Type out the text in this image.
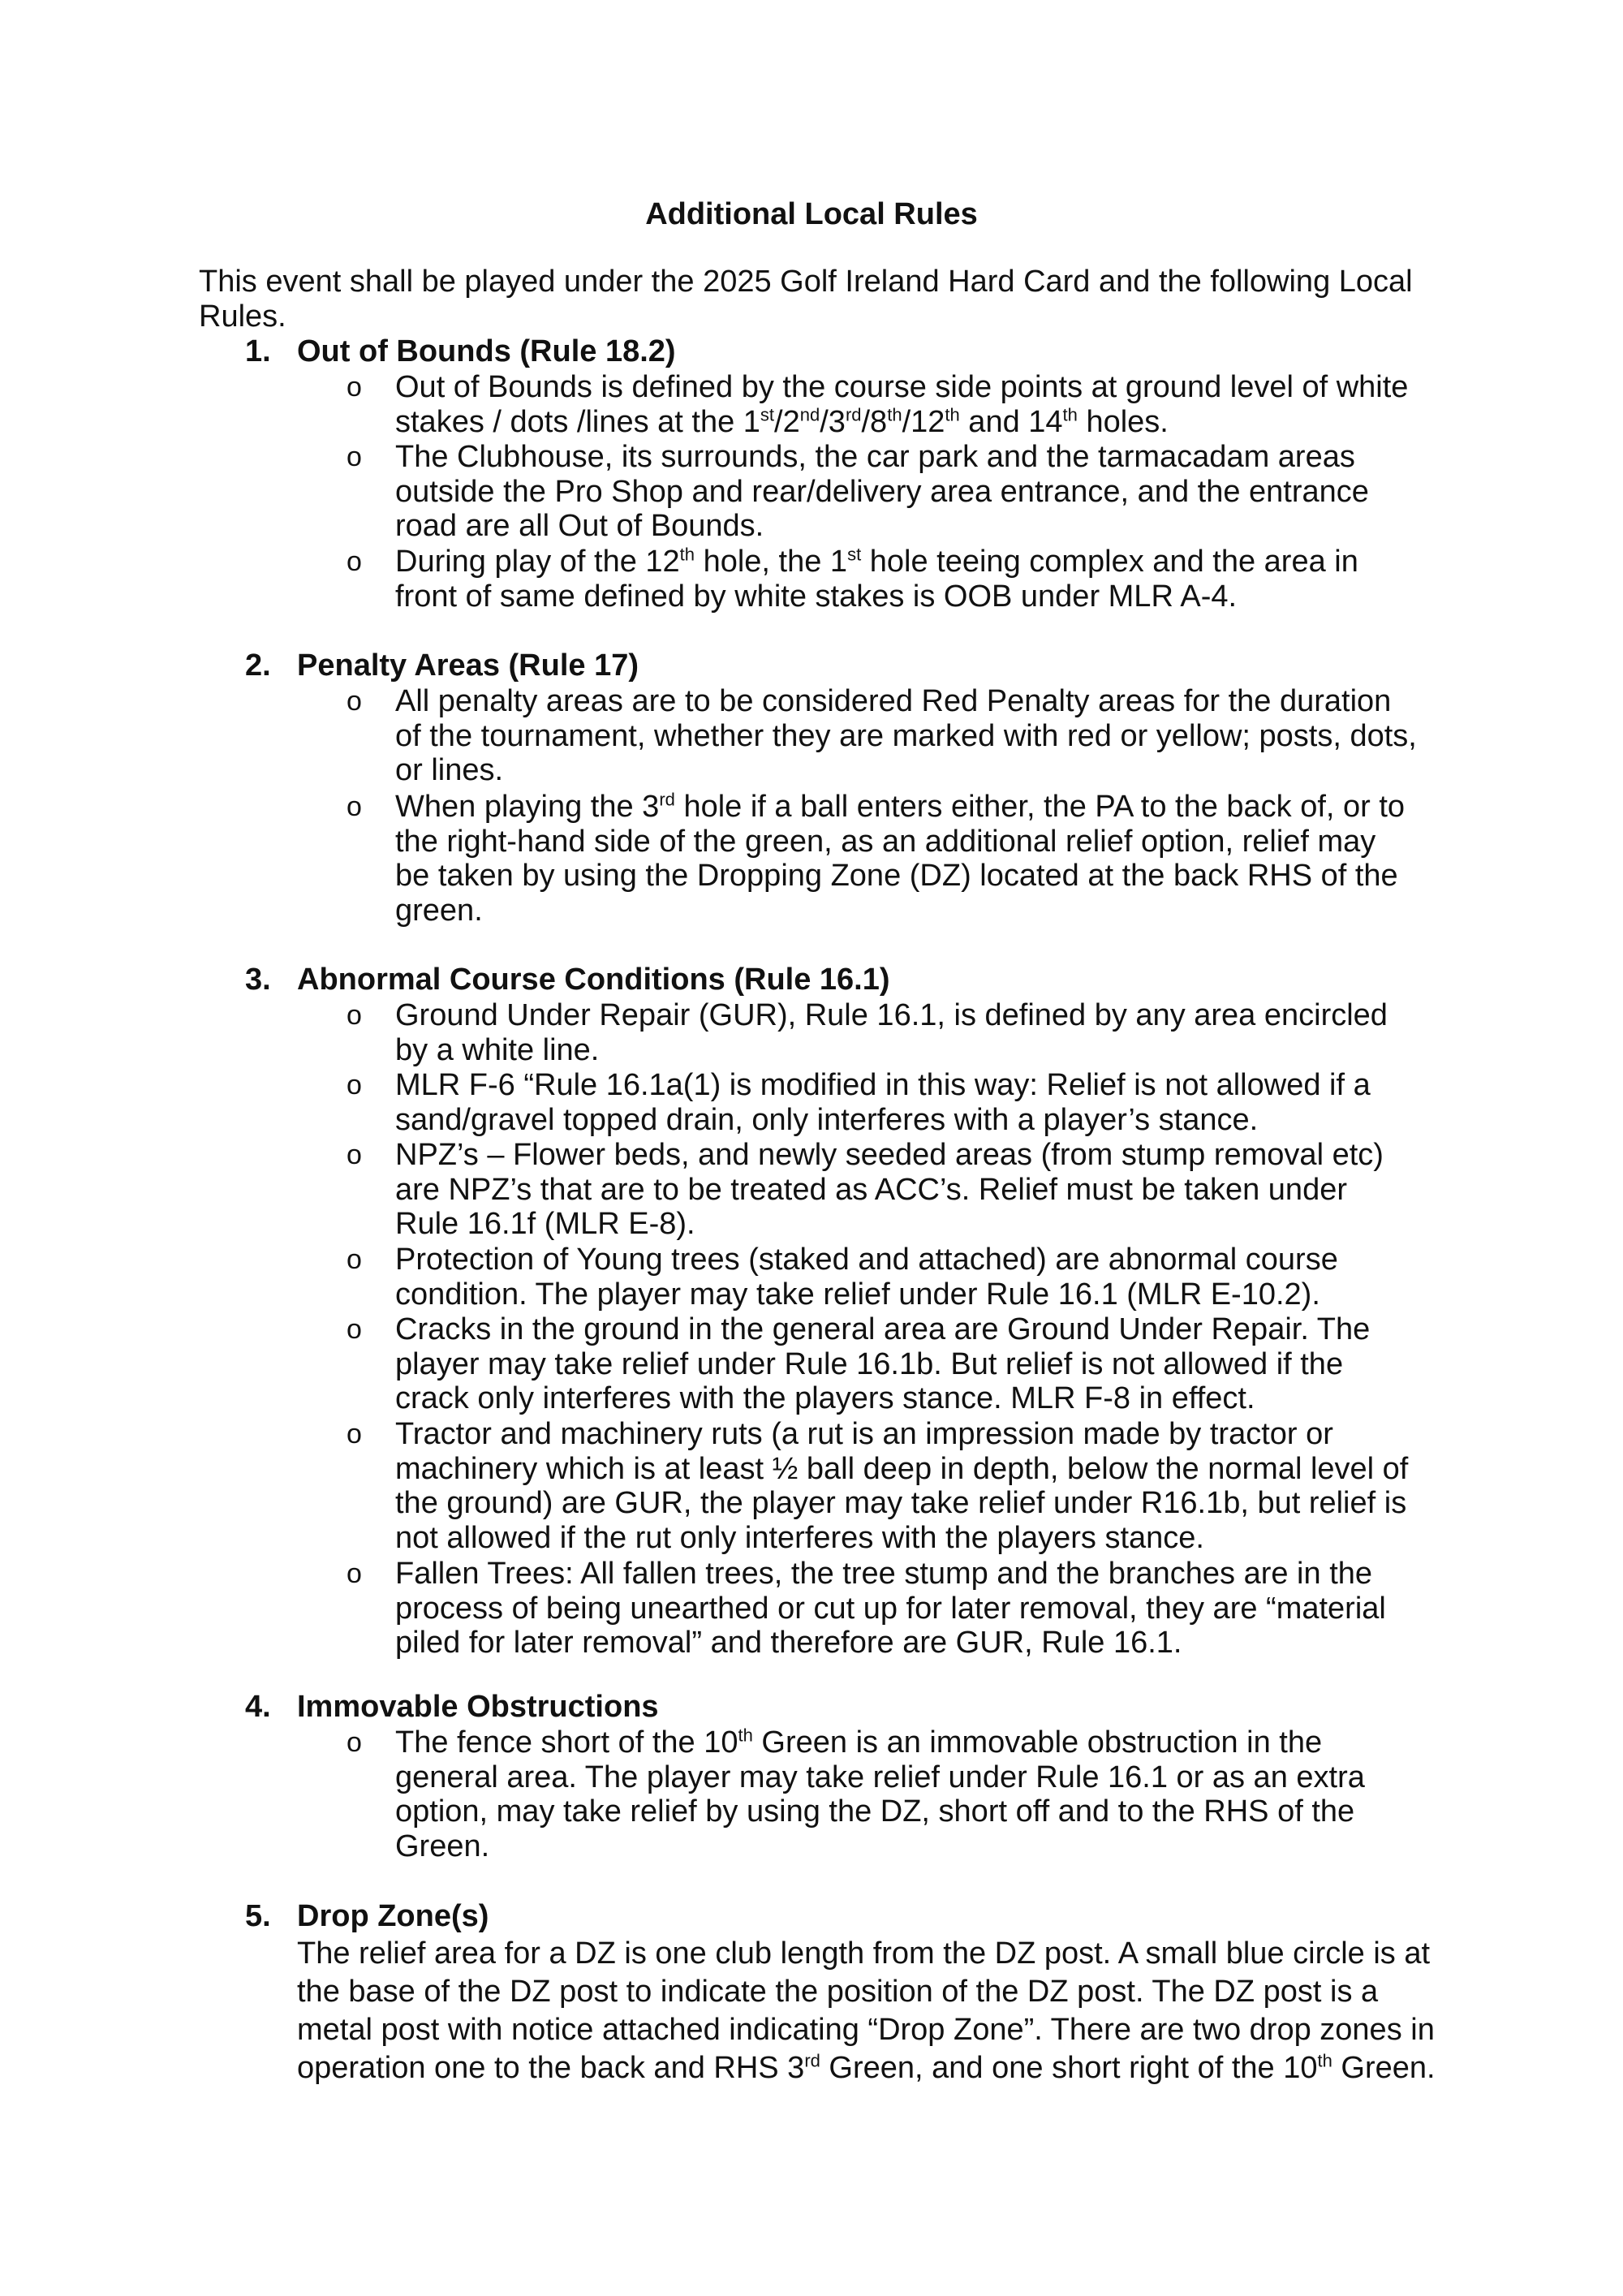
Additional Local Rules

This event shall be played under the 2025 Golf Ireland Hard Card and the following Local Rules.

1. Out of Bounds (Rule 18.2)
o Out of Bounds is defined by the course side points at ground level of white stakes / dots /lines at the 1st/2nd/3rd/8th/12th and 14th holes.
o The Clubhouse, its surrounds, the car park and the tarmacadam areas outside the Pro Shop and rear/delivery area entrance, and the entrance road are all Out of Bounds.
o During play of the 12th hole, the 1st hole teeing complex and the area in front of same defined by white stakes is OOB under MLR A-4.
2. Penalty Areas (Rule 17)
o All penalty areas are to be considered Red Penalty areas for the duration of the tournament, whether they are marked with red or yellow; posts, dots, or lines.
o When playing the 3rd hole if a ball enters either, the PA to the back of, or to the right-hand side of the green, as an additional relief option, relief may be taken by using the Dropping Zone (DZ) located at the back RHS of the green.
3. Abnormal Course Conditions (Rule 16.1)
o Ground Under Repair (GUR), Rule 16.1, is defined by any area encircled by a white line.
o MLR F-6 “Rule 16.1a(1) is modified in this way: Relief is not allowed if a sand/gravel topped drain, only interferes with a player’s stance.
o NPZ’s – Flower beds, and newly seeded areas (from stump removal etc) are NPZ’s that are to be treated as ACC’s. Relief must be taken under Rule 16.1f (MLR E-8).
o Protection of Young trees (staked and attached) are abnormal course condition. The player may take relief under Rule 16.1 (MLR E-10.2).
o Cracks in the ground in the general area are Ground Under Repair. The player may take relief under Rule 16.1b. But relief is not allowed if the crack only interferes with the players stance. MLR F-8 in effect.
o Tractor and machinery ruts (a rut is an impression made by tractor or machinery which is at least ½ ball deep in depth, below the normal level of the ground) are GUR, the player may take relief under R16.1b, but relief is not allowed if the rut only interferes with the players stance.
o Fallen Trees: All fallen trees, the tree stump and the branches are in the process of being unearthed or cut up for later removal, they are “material piled for later removal” and therefore are GUR, Rule 16.1.
4. Immovable Obstructions
o The fence short of the 10th Green is an immovable obstruction in the general area. The player may take relief under Rule 16.1 or as an extra option, may take relief by using the DZ, short off and to the RHS of the Green.
5. Drop Zone(s)
The relief area for a DZ is one club length from the DZ post. A small blue circle is at the base of the DZ post to indicate the position of the DZ post. The DZ post is a metal post with notice attached indicating “Drop Zone”. There are two drop zones in operation one to the back and RHS 3rd Green, and one short right of the 10th Green.
